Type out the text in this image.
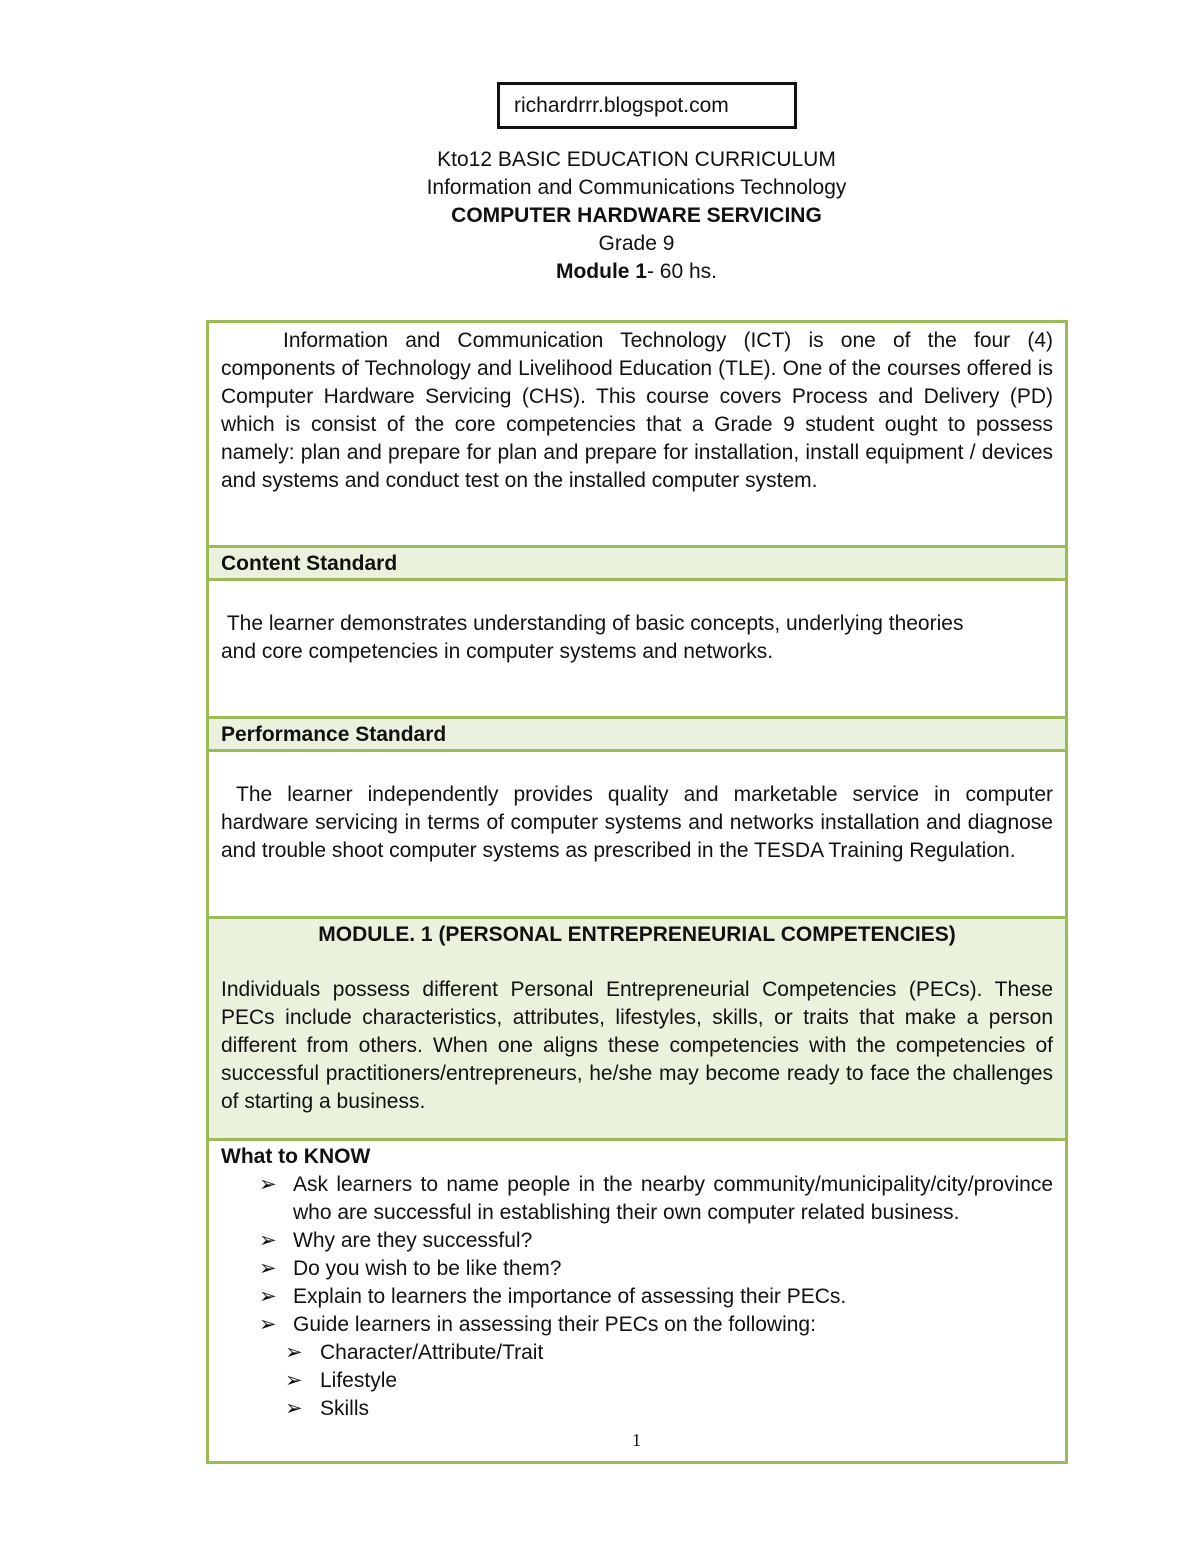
richardrrr.blogspot.com
Kto12 BASIC EDUCATION CURRICULUM
Information and Communications Technology
COMPUTER HARDWARE SERVICING
Grade 9
Module 1- 60 hs.
Information and Communication Technology (ICT) is one of the four (4) components of Technology and Livelihood Education (TLE). One of the courses offered is Computer Hardware Servicing (CHS). This course covers Process and Delivery (PD) which is consist of the core competencies that a Grade 9 student ought to possess namely: plan and prepare for plan and prepare for installation, install equipment / devices and systems and conduct test on the installed computer system.

Content Standard

The learner demonstrates understanding of basic concepts, underlying theories and core competencies in computer systems and networks.

Performance Standard

The learner independently provides quality and marketable service in computer hardware servicing in terms of computer systems and networks installation and diagnose and trouble shoot computer systems as prescribed in the TESDA Training Regulation.

MODULE. 1 (PERSONAL ENTREPRENEURIAL COMPETENCIES)
Individuals possess different Personal Entrepreneurial Competencies (PECs). These PECs include characteristics, attributes, lifestyles, skills, or traits that make a person different from others. When one aligns these competencies with the competencies of successful practitioners/entrepreneurs, he/she may become ready to face the challenges of starting a business.

What to KNOW
➢ Ask learners to name people in the nearby community/municipality/city/province who are successful in establishing their own computer related business.
➢ Why are they successful?
➢ Do you wish to be like them?
➢ Explain to learners the importance of assessing their PECs.
➢ Guide learners in assessing their PECs on the following:
➢ Character/Attribute/Trait
➢ Lifestyle
➢ Skills
1
